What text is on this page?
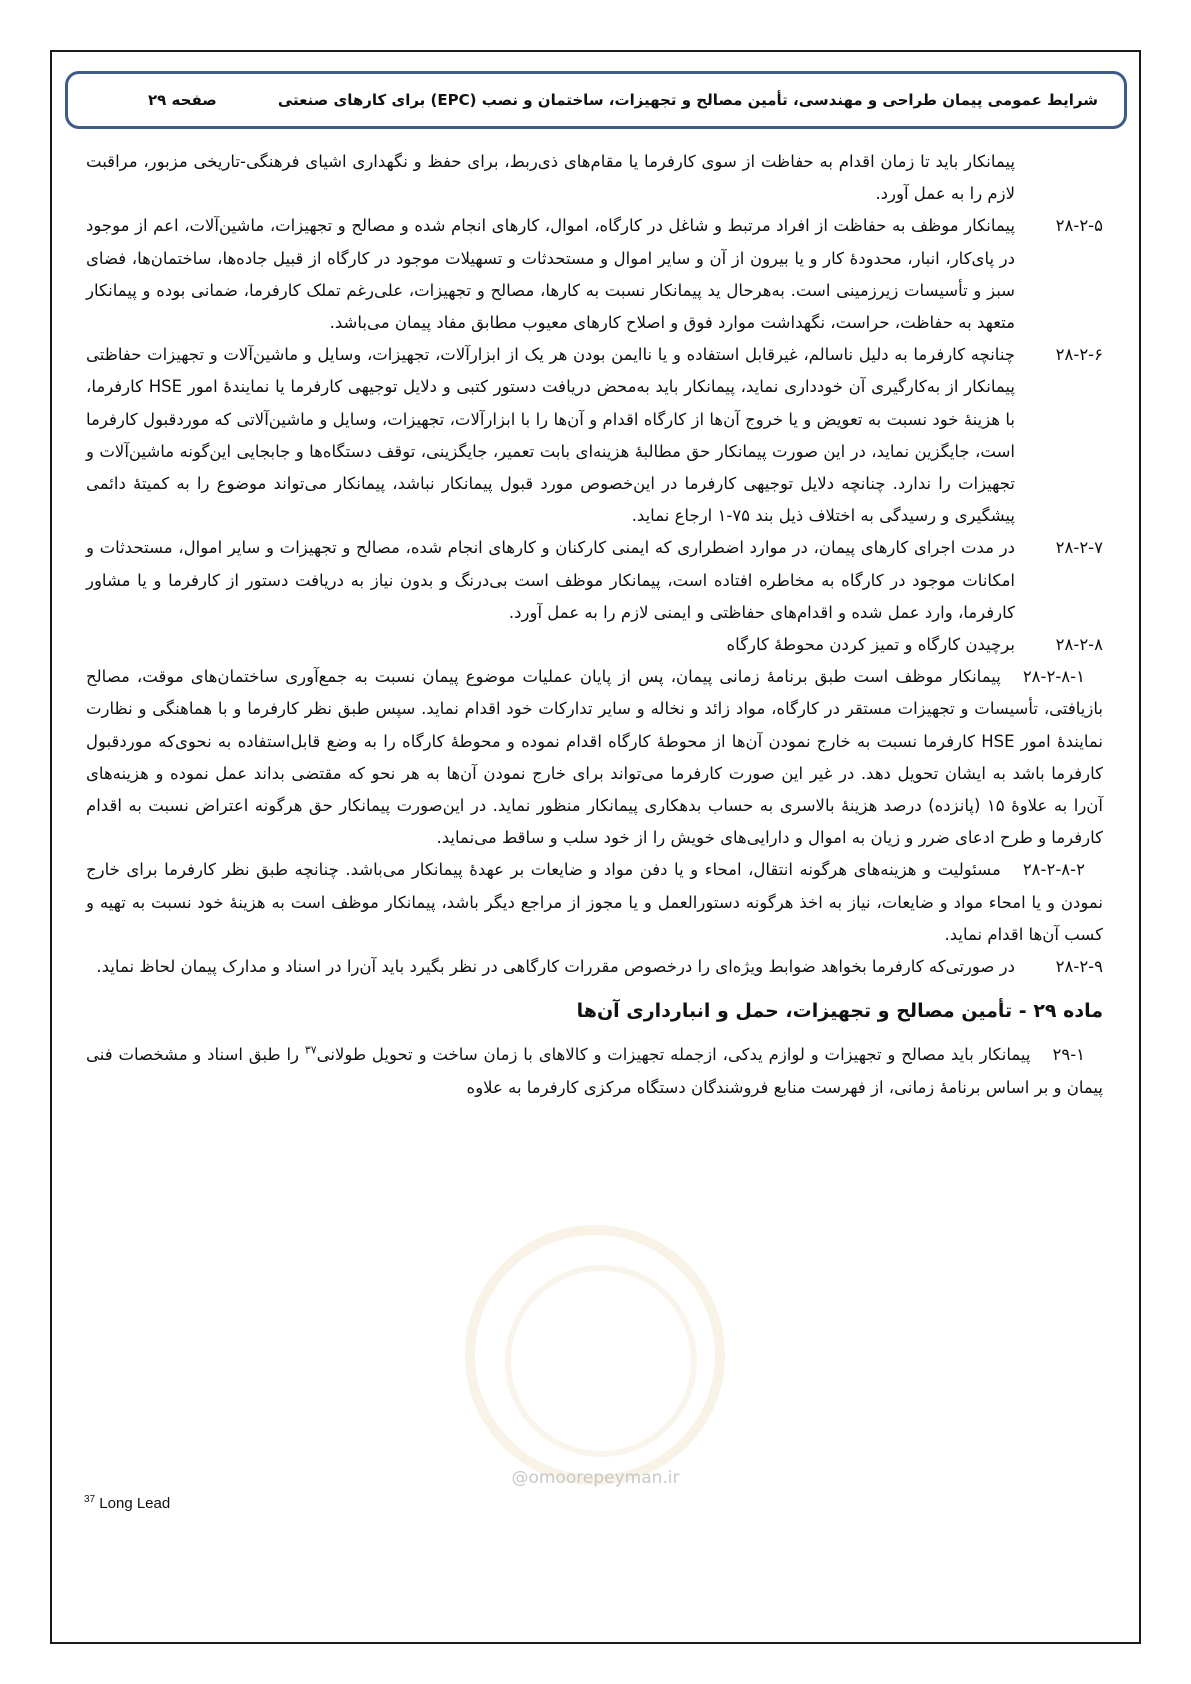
شرایط عمومی پیمان طراحی و مهندسی، تأمین مصالح و تجهیزات، ساختمان و نصب (EPC) برای کارهای صنعتی
صفحه ۲۹
پیمانکار باید تا زمان اقدام به حفاظت از سوی کارفرما یا مقام‌های ذی‌ربط، برای حفظ و نگهداری اشیای فرهنگی-تاریخی مزبور، مراقبت لازم را به عمل آورد.
۲۸-۲-۵
پیمانکار موظف به حفاظت از افراد مرتبط و شاغل در کارگاه، اموال، کارهای انجام شده و مصالح و تجهیزات، ماشین‌آلات، اعم از موجود در پای‌کار، انبار، محدودهٔ کار و یا بیرون از آن و سایر اموال و مستحدثات و تسهیلات موجود در کارگاه از قبیل جاده‌ها، ساختمان‌ها، فضای سبز و تأسیسات زیرزمینی است. به‌هرحال ید پیمانکار نسبت به کارها، مصالح و تجهیزات، علی‌رغم تملک کارفرما، ضمانی بوده و پیمانکار متعهد به حفاظت، حراست، نگهداشت موارد فوق و اصلاح کارهای معیوب مطابق مفاد پیمان می‌باشد.
۲۸-۲-۶
چنانچه کارفرما به دلیل ناسالم، غیرقابل استفاده و یا ناایمن بودن هر یک از ابزارآلات، تجهیزات، وسایل و ماشین‌آلات و تجهیزات حفاظتی پیمانکار از به‌کارگیری آن خودداری نماید، پیمانکار باید به‌محض دریافت دستور کتبی و دلایل توجیهی کارفرما یا نمایندهٔ امور HSE کارفرما، با هزینهٔ خود نسبت به تعویض و یا خروج آن‌ها از کارگاه اقدام و آن‌ها را با ابزارآلات، تجهیزات، وسایل و ماشین‌آلاتی که موردقبول کارفرما است، جایگزین نماید، در این صورت پیمانکار حق مطالبهٔ هزینه‌ای بابت تعمیر، جایگزینی، توقف دستگاه‌ها و جابجایی این‌گونه ماشین‌آلات و تجهیزات را ندارد. چنانچه دلایل توجیهی کارفرما در این‌خصوص مورد قبول پیمانکار نباشد، پیمانکار می‌تواند موضوع را به کمیتهٔ دائمی پیشگیری و رسیدگی به اختلاف ذیل بند ۷۵-۱ ارجاع نماید.
۲۸-۲-۷
در مدت اجرای کارهای پیمان، در موارد اضطراری که ایمنی کارکنان و کارهای انجام شده، مصالح و تجهیزات و سایر اموال، مستحدثات و امکانات موجود در کارگاه به مخاطره افتاده است، پیمانکار موظف است بی‌درنگ و بدون نیاز به دریافت دستور از کارفرما و یا مشاور کارفرما، وارد عمل شده و اقدام‌های حفاظتی و ایمنی لازم را به عمل آورد.
۲۸-۲-۸
برچیدن کارگاه و تمیز کردن محوطهٔ کارگاه
۲۸-۲-۸-۱پیمانکار موظف است طبق برنامهٔ زمانی پیمان، پس از پایان عملیات موضوع پیمان نسبت به جمع‌آوری ساختمان‌های موقت، مصالح بازیافتی، تأسیسات و تجهیزات مستقر در کارگاه، مواد زائد و نخاله و سایر تدارکات خود اقدام نماید. سپس طبق نظر کارفرما و با هماهنگی و نظارت نمایندهٔ امور HSE کارفرما نسبت به خارج نمودن آن‌ها از محوطهٔ کارگاه اقدام نموده و محوطهٔ کارگاه را به وضع قابل‌استفاده به نحوی‌که موردقبول کارفرما باشد به ایشان تحویل دهد. در غیر این صورت کارفرما می‌تواند برای خارج نمودن آن‌ها به هر نحو که مقتضی بداند عمل نموده و هزینه‌های آن‌را به علاوهٔ ۱۵ (پانزده) درصد هزینهٔ بالاسری به حساب بدهکاری پیمانکار منظور نماید. در این‌صورت پیمانکار حق هرگونه اعتراض نسبت به اقدام کارفرما و طرح ادعای ضرر و زیان به اموال و دارایی‌های خویش را از خود سلب و ساقط می‌نماید.
۲۸-۲-۸-۲مسئولیت و هزینه‌های هرگونه انتقال، امحاء و یا دفن مواد و ضایعات بر عهدهٔ پیمانکار می‌باشد. چنانچه طبق نظر کارفرما برای خارج نمودن و یا امحاء مواد و ضایعات، نیاز به اخذ هرگونه دستورالعمل و یا مجوز از مراجع دیگر باشد، پیمانکار موظف است به هزینهٔ خود نسبت به تهیه و کسب آن‌ها اقدام نماید.
۲۸-۲-۹
در صورتی‌که کارفرما بخواهد ضوابط ویژه‌ای را درخصوص مقررات کارگاهی در نظر بگیرد باید آن‌را در اسناد و مدارک پیمان لحاظ نماید.
ماده ۲۹ - تأمین مصالح و تجهیزات، حمل و انبارداری آن‌ها
۲۹-۱پیمانکار باید مصالح و تجهیزات و لوازم یدکی، ازجمله تجهیزات و کالاهای با زمان ساخت و تحویل طولانی$^{۳۷}$ را طبق اسناد و مشخصات فنی پیمان و بر اساس برنامهٔ زمانی، از فهرست منابع فروشندگان دستگاه مرکزی کارفرما به علاوه
@omoorepeyman.ir
$^{37}$ Long Lead
